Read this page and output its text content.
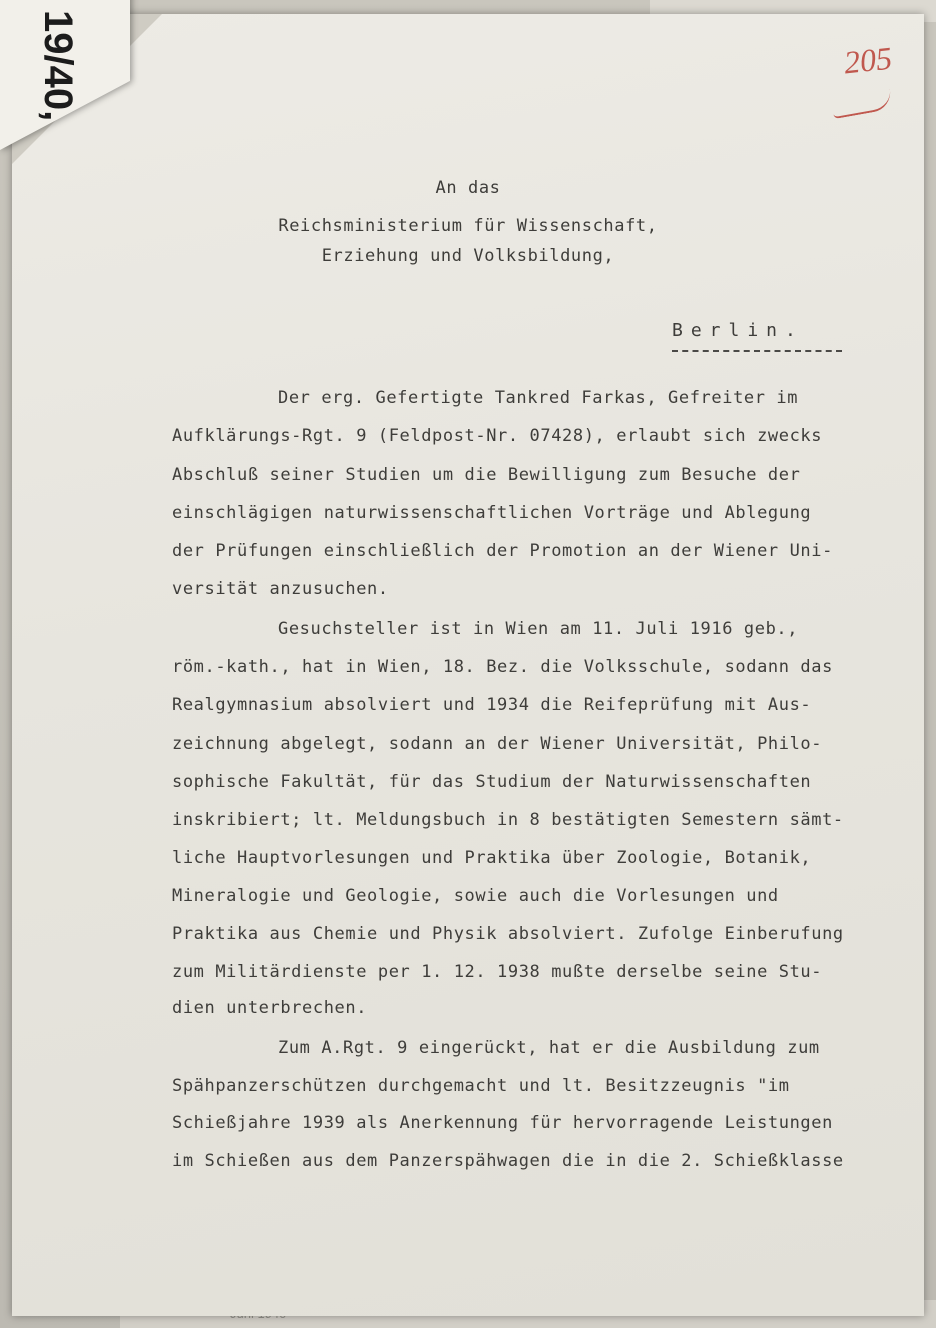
205
An das
Reichsministerium für Wissenschaft,
Erziehung und Volksbildung,
Berlin.
Der erg. Gefertigte Tankred Farkas, Gefreiter im
Aufklärungs-Rgt. 9 (Feldpost-Nr. 07428), erlaubt sich zwecks
Abschluß seiner Studien um die Bewilligung zum Besuche der
einschlägigen naturwissenschaftlichen Vorträge und Ablegung
der Prüfungen einschließlich der Promotion an der Wiener Uni-
versität anzusuchen.
Gesuchsteller ist in Wien am 11. Juli 1916 geb.,
röm.-kath., hat in Wien, 18. Bez. die Volksschule, sodann das
Realgymnasium absolviert und 1934 die Reifeprüfung mit Aus-
zeichnung abgelegt, sodann an der Wiener Universität, Philo-
sophische Fakultät, für das Studium der Naturwissenschaften
inskribiert; lt. Meldungsbuch in 8 bestätigten Semestern sämt-
liche Hauptvorlesungen und Praktika über Zoologie, Botanik,
Mineralogie und Geologie, sowie auch die Vorlesungen und
Praktika aus Chemie und Physik absolviert. Zufolge Einberufung
zum Militärdienste per 1. 12. 1938 mußte derselbe seine Stu-
dien unterbrechen.
Zum A.Rgt. 9 eingerückt, hat er die Ausbildung zum
Spähpanzerschützen durchgemacht und lt. Besitzzeugnis "im
Schießjahre 1939 als Anerkennung für hervorragende Leistungen
im Schießen aus dem Panzerspähwagen die in die 2. Schießklasse
19/40,
